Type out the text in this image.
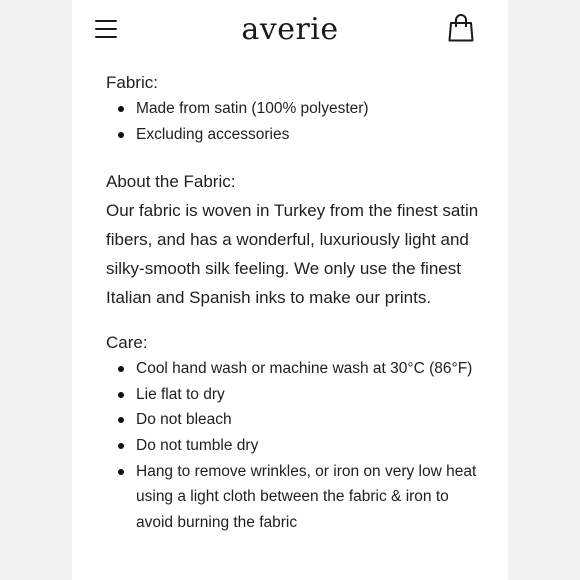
averie

Fabric:

Made from satin (100% polyester)
Excluding accessories

About the Fabric:

Our fabric is woven in Turkey from the finest satin fibers, and has a wonderful, luxuriously light and silky-smooth silk feeling. We only use the finest Italian and Spanish inks to make our prints.

Care:

Cool hand wash or machine wash at 30°C (86°F)
Lie flat to dry
Do not bleach
Do not tumble dry
Hang to remove wrinkles, or iron on very low heat using a light cloth between the fabric & iron to avoid burning the fabric
